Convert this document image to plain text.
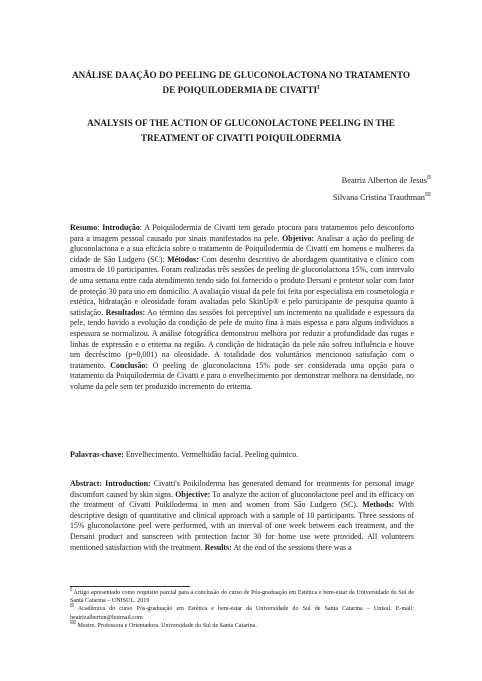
ANÁLISE DA AÇÃO DO PEELING DE GLUCONOLACTONA NO TRATAMENTO
DE POIQUILODERMIA DE $CIVATTI^I$
ANALYSIS OF THE ACTION OF GLUCONOLACTONE PEELING IN THE
TREATMENT OF CIVATTI POIQUILODERMIA
Beatriz Alberton de Jesus$^{II}$
Silvana Cristina Trauthman$^{III}$

Resumo: Introdução: A Poiquilodermia de Civatti tem gerado procura para tratamentos pelo desconforto para a imagem pessoal causado por sinais manifestados na pele. Objetivo: Analisar a ação do peeling de gluconolactona e a sua eficácia sobre o tratamento de Poiquilodermia de Civatti em homens e mulheres da cidade de São Ludgero (SC). Métodos: Com desenho descritivo de abordagem quantitativa e clínico com amostra de 10 participantes. Foram realizadas três sessões de peeling de gluconolactona 15%, com intervalo de uma semana entre cada atendimento tendo sido foi fornecido o produto Dersani e protetor solar com fator de proteção 30 para uso em domicílio. A avaliação visual da pele foi feita por especialista em cosmetologia e estética, hidratação e oleosidade foram avaliadas pelo SkinUp® e pelo participante de pesquisa quanto à satisfação. Resultados: Ao término das sessões foi perceptível um incremento na qualidade e espessura da pele, tendo havido a evolução da condição de pele de muito fina à mais espessa e para alguns indivíduos a espessura se normalizou. A análise fotográfica demonstrou melhora por reduzir a profundidade das rugas e linhas de expressão e o eritema na região. A condição de hidratação da pele não sofreu influência e houve um decréscimo (p=0,001) na oleosidade. A totalidade dos voluntários mencionou satisfação com o tratamento. Conclusão: O peeling de gluconolactona 15% pode ser considerada uma opção para o tratamento da Poiquilodermia de Civatti e para o envelhecimento por demonstrar melhora na densidade, no volume da pele sem ter produzido incremento do eritema.

Palavras-chave: Envelhecimento. Vermelhidão facial. Peeling químico.

Abstract: Introduction: Civatti's Poikiloderma has generated demand for treatments for personal image discomfort caused by skin signs. Objective: To analyze the action of gluconolactone peel and its efficacy on the treatment of Civatti Poikiloderma in men and women from São Ludgero (SC). Methods: With descriptive design of quantitative and clinical approach with a sample of 10 participants. Three sessions of 15% gluconolactone peel were performed, with an interval of one week between each treatment, and the Dersani product and sunscreen with protection factor 30 for home use were provided. All volunteers mentioned satisfaction with the treatment. Results: At the end of the sessions there was a

$^I$ Artigo apresentado como requisito parcial para a conclusão do curso de Pós-graduação em Estética e bem-estar da Universidade do Sul de Santa Catarina – UNISUL. 2019
$^{II}$ Acadêmica do curso Pós-graduação em Estética e bem-estar da Universidade do Sul de Santa Catarina – Unisul. E-mail: beatrizalberton@hotmail.com
$^{III}$ Mestre. Professora e Orientadora. Universidade do Sul de Santa Catarina.
